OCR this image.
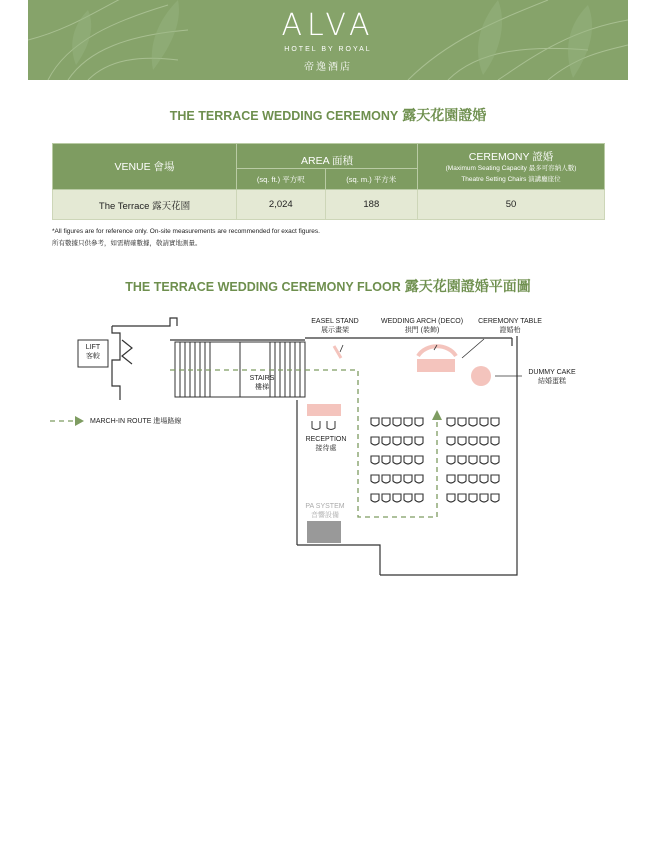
ALVA
HOTEL BY ROYAL
帝逸酒店
THE TERRACE WEDDING CEREMONY 露天花園證婚
VENUE 會場	AREA 面積		CEREMONY 證婚
(Maximum Seating Capacity 最多可容納人數)
Theatre Setting Chairs 演講廳座位

	(sq. ft.) 平方呎	(sq. m.) 平方米	
The Terrace 露天花園	2,024	188	50
*All figures are for reference only. On-site measurements are recommended for exact figures.
所有數據只供參考，如需精確數據，敬請實地測量。
THE TERRACE WEDDING CEREMONY FLOOR 露天花園證婚平面圖
LIFT
客較
STAIRS
樓梯
EASEL STAND
展示畫架
WEDDING ARCH (DECO)
拱門 (裝飾)
CEREMONY TABLE
證婚枱
DUMMY CAKE
結婚蛋糕
RECEPTION
接待處
PA SYSTEM
音響設備
MARCH-IN ROUTE 進場路線
